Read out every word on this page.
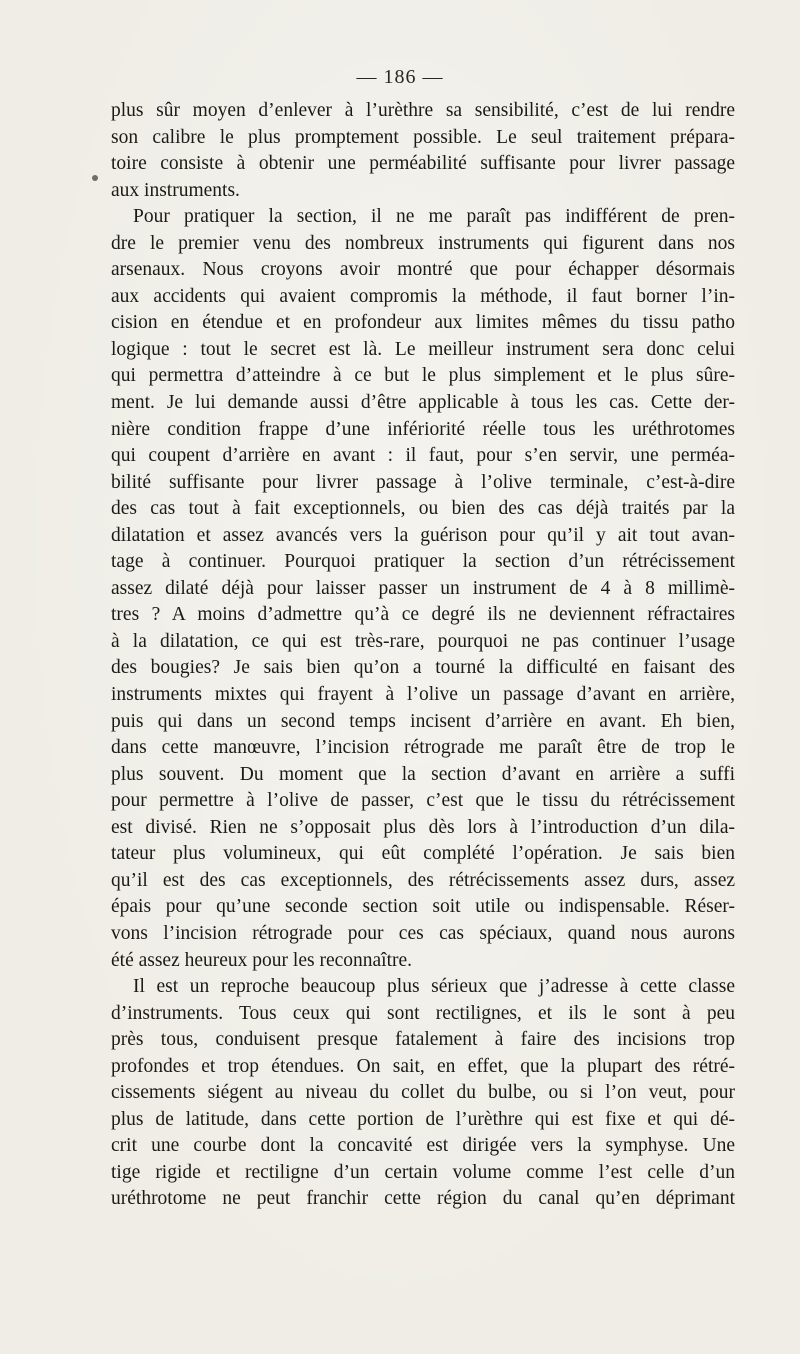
— 186 —
plus sûr moyen d’enlever à l’urèthre sa sensibilité, c’est de lui rendre
son calibre le plus promptement possible. Le seul traitement prépara-
toire consiste à obtenir une perméabilité suffisante pour livrer passage
aux instruments.
Pour pratiquer la section, il ne me paraît pas indifférent de pren-
dre le premier venu des nombreux instruments qui figurent dans nos
arsenaux. Nous croyons avoir montré que pour échapper désormais
aux accidents qui avaient compromis la méthode, il faut borner l’in-
cision en étendue et en profondeur aux limites mêmes du tissu patho
logique : tout le secret est là. Le meilleur instrument sera donc celui
qui permettra d’atteindre à ce but le plus simplement et le plus sûre-
ment. Je lui demande aussi d’être applicable à tous les cas. Cette der-
nière condition frappe d’une infériorité réelle tous les uréthrotomes
qui coupent d’arrière en avant : il faut, pour s’en servir, une perméa-
bilité suffisante pour livrer passage à l’olive terminale, c’est-à-dire
des cas tout à fait exceptionnels, ou bien des cas déjà traités par la
dilatation et assez avancés vers la guérison pour qu’il y ait tout avan-
tage à continuer. Pourquoi pratiquer la section d’un rétrécissement
assez dilaté déjà pour laisser passer un instrument de 4 à 8 millimè-
tres ? A moins d’admettre qu’à ce degré ils ne deviennent réfractaires
à la dilatation, ce qui est très-rare, pourquoi ne pas continuer l’usage
des bougies? Je sais bien qu’on a tourné la difficulté en faisant des
instruments mixtes qui frayent à l’olive un passage d’avant en arrière,
puis qui dans un second temps incisent d’arrière en avant. Eh bien,
dans cette manœuvre, l’incision rétrograde me paraît être de trop le
plus souvent. Du moment que la section d’avant en arrière a suffi
pour permettre à l’olive de passer, c’est que le tissu du rétrécissement
est divisé. Rien ne s’opposait plus dès lors à l’introduction d’un dila-
tateur plus volumineux, qui eût complété l’opération. Je sais bien
qu’il est des cas exceptionnels, des rétrécissements assez durs, assez
épais pour qu’une seconde section soit utile ou indispensable. Réser-
vons l’incision rétrograde pour ces cas spéciaux, quand nous aurons
été assez heureux pour les reconnaître.
Il est un reproche beaucoup plus sérieux que j’adresse à cette classe
d’instruments. Tous ceux qui sont rectilignes, et ils le sont à peu
près tous, conduisent presque fatalement à faire des incisions trop
profondes et trop étendues. On sait, en effet, que la plupart des rétré-
cissements siégent au niveau du collet du bulbe, ou si l’on veut, pour
plus de latitude, dans cette portion de l’urèthre qui est fixe et qui dé-
crit une courbe dont la concavité est dirigée vers la symphyse. Une
tige rigide et rectiligne d’un certain volume comme l’est celle d’un
uréthrotome ne peut franchir cette région du canal qu’en déprimant
